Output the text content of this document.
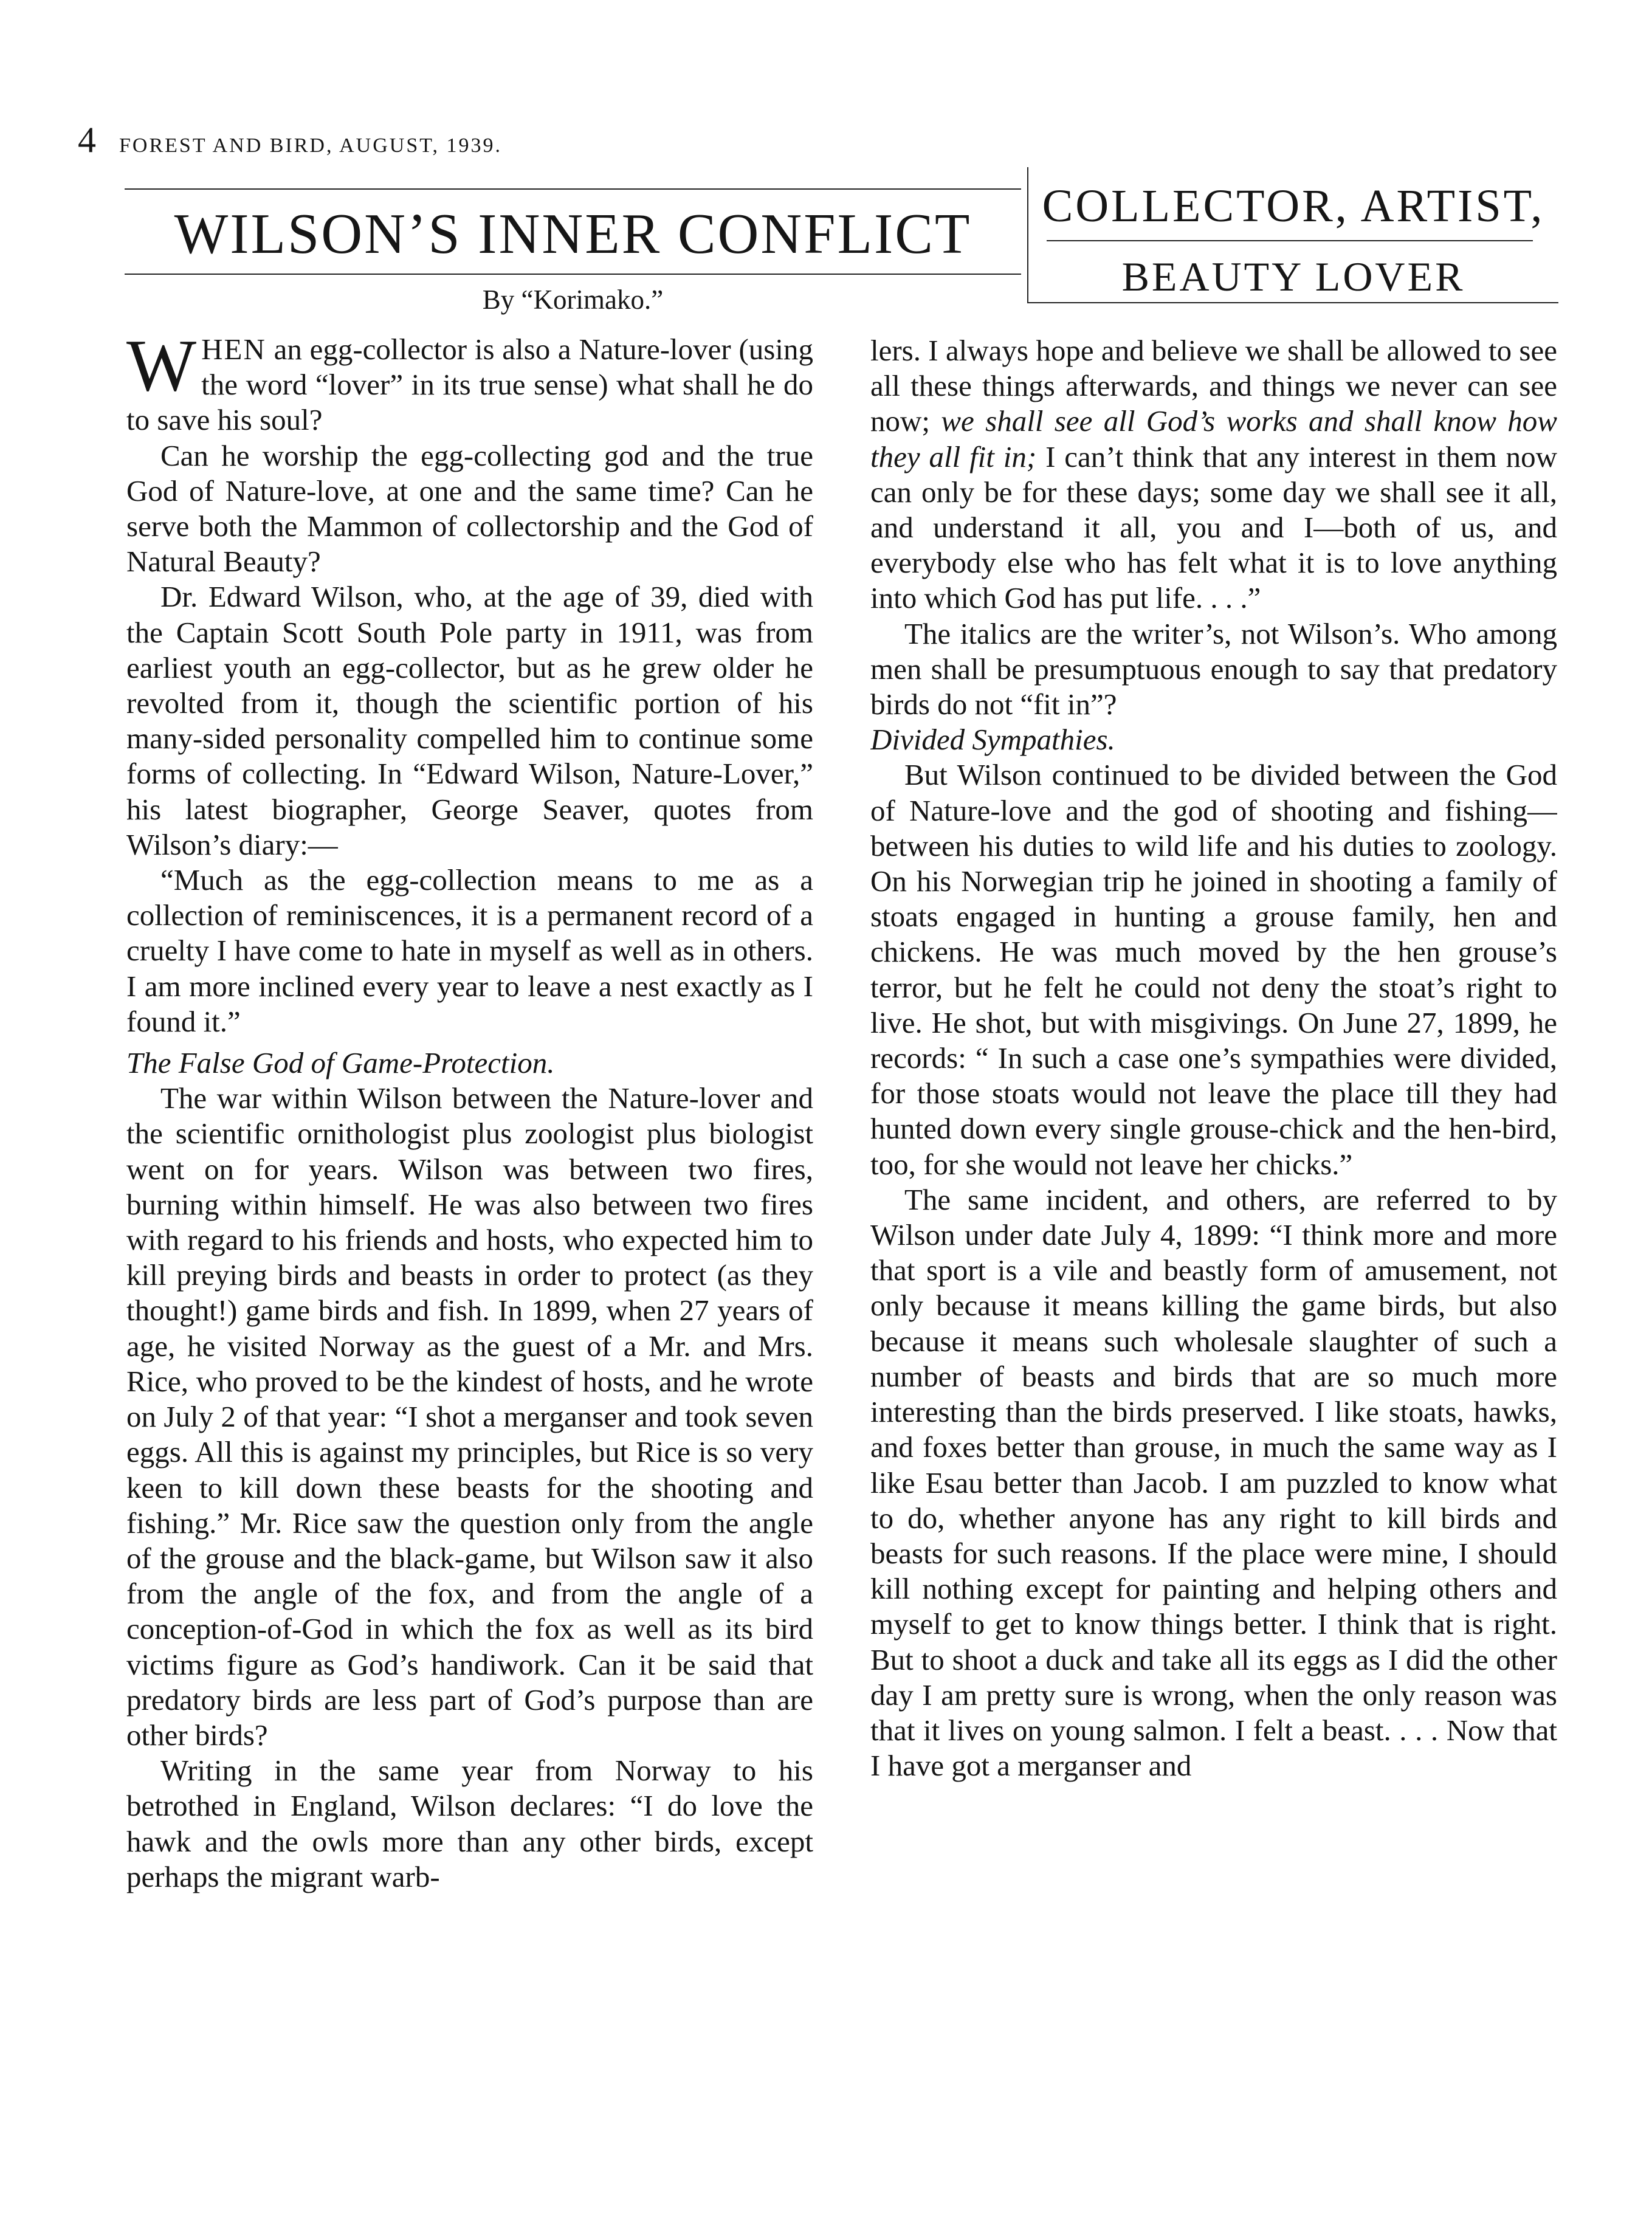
4 FOREST AND BIRD, AUGUST, 1939.
WILSON’S INNER CONFLICT
By “Korimako.”
COLLECTOR, ARTIST,
BEAUTY LOVER

WHEN an egg-collector is also a Nature-lover (using the word “lover” in its true sense) what shall he do to save his soul?

Can he worship the egg-collecting god and the true God of Nature-love, at one and the same time? Can he serve both the Mammon of collectorship and the God of Natural Beauty?

Dr. Edward Wilson, who, at the age of 39, died with the Captain Scott South Pole party in 1911, was from earliest youth an egg-collector, but as he grew older he revolted from it, though the scientific portion of his many-sided personality compelled him to continue some forms of collecting. In “Edward Wilson, Nature-Lover,” his latest biographer, George Seaver, quotes from Wilson’s diary:—

“Much as the egg-collection means to me as a collection of reminiscences, it is a permanent record of a cruelty I have come to hate in myself as well as in others. I am more inclined every year to leave a nest exactly as I found it.”

The False God of Game-Protection.

The war within Wilson between the Nature-lover and the scientific ornithologist plus zoologist plus biologist went on for years. Wilson was between two fires, burning within himself. He was also between two fires with regard to his friends and hosts, who expected him to kill preying birds and beasts in order to protect (as they thought!) game birds and fish. In 1899, when 27 years of age, he visited Norway as the guest of a Mr. and Mrs. Rice, who proved to be the kindest of hosts, and he wrote on July 2 of that year: “I shot a merganser and took seven eggs. All this is against my principles, but Rice is so very keen to kill down these beasts for the shooting and fishing.” Mr. Rice saw the question only from the angle of the grouse and the black-game, but Wilson saw it also from the angle of the fox, and from the angle of a conception-of-God in which the fox as well as its bird victims figure as God’s handiwork. Can it be said that predatory birds are less part of God’s purpose than are other birds?

Writing in the same year from Norway to his betrothed in England, Wilson declares: “I do love the hawk and the owls more than any other birds, except perhaps the migrant warb-

lers. I always hope and believe we shall be allowed to see all these things afterwards, and things we never can see now; we shall see all God’s works and shall know how they all fit in; I can’t think that any interest in them now can only be for these days; some day we shall see it all, and understand it all, you and I—both of us, and everybody else who has felt what it is to love anything into which God has put life. . . .”

The italics are the writer’s, not Wilson’s. Who among men shall be presumptuous enough to say that predatory birds do not “fit in”?

Divided Sympathies.

But Wilson continued to be divided between the God of Nature-love and the god of shooting and fishing—between his duties to wild life and his duties to zoology. On his Norwegian trip he joined in shooting a family of stoats engaged in hunting a grouse family, hen and chickens. He was much moved by the hen grouse’s terror, but he felt he could not deny the stoat’s right to live. He shot, but with misgivings. On June 27, 1899, he records: “ In such a case one’s sympathies were divided, for those stoats would not leave the place till they had hunted down every single grouse-chick and the hen-bird, too, for she would not leave her chicks.”

The same incident, and others, are referred to by Wilson under date July 4, 1899: “I think more and more that sport is a vile and beastly form of amusement, not only because it means killing the game birds, but also because it means such wholesale slaughter of such a number of beasts and birds that are so much more interesting than the birds preserved. I like stoats, hawks, and foxes better than grouse, in much the same way as I like Esau better than Jacob. I am puzzled to know what to do, whether anyone has any right to kill birds and beasts for such reasons. If the place were mine, I should kill nothing except for painting and helping others and myself to get to know things better. I think that is right. But to shoot a duck and take all its eggs as I did the other day I am pretty sure is wrong, when the only reason was that it lives on young salmon. I felt a beast. . . . Now that I have got a merganser and
